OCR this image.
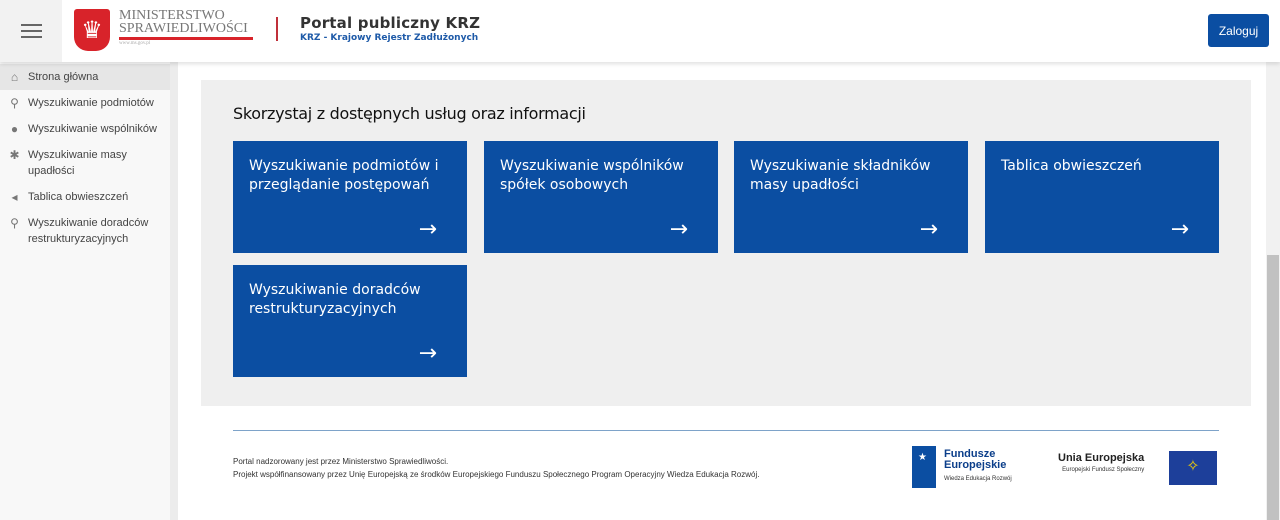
♛
MINISTERSTWO
SPRAWIEDLIWOŚCI
www.ms.gov.pl
Portal publiczny KRZ
KRZ - Krajowy Rejestr Zadłużonych
Zaloguj
⌂ Strona główna
⚲ Wyszukiwanie podmiotów
● Wyszukiwanie wspólników
✱ Wyszukiwanie masy upadłości
◂ Tablica obwieszczeń
⚲ Wyszukiwanie doradców restrukturyzacyjnych
Skorzystaj z dostępnych usług oraz informacji
Wyszukiwanie podmiotów i przeglądanie postępowań
→
Wyszukiwanie wspólników spółek osobowych
→
Wyszukiwanie składników masy upadłości
→
Tablica obwieszczeń
→
Wyszukiwanie doradców restrukturyzacyjnych
→
Portal nadzorowany jest przez Ministerstwo Sprawiedliwości.
Projekt współfinansowany przez Unię Europejską ze środków Europejskiego Funduszu Społecznego Program Operacyjny Wiedza Edukacja Rozwój.
★
Fundusze
Europejskie
Wiedza Edukacja Rozwój
Unia Europejska
Europejski Fundusz Społeczny	✧
